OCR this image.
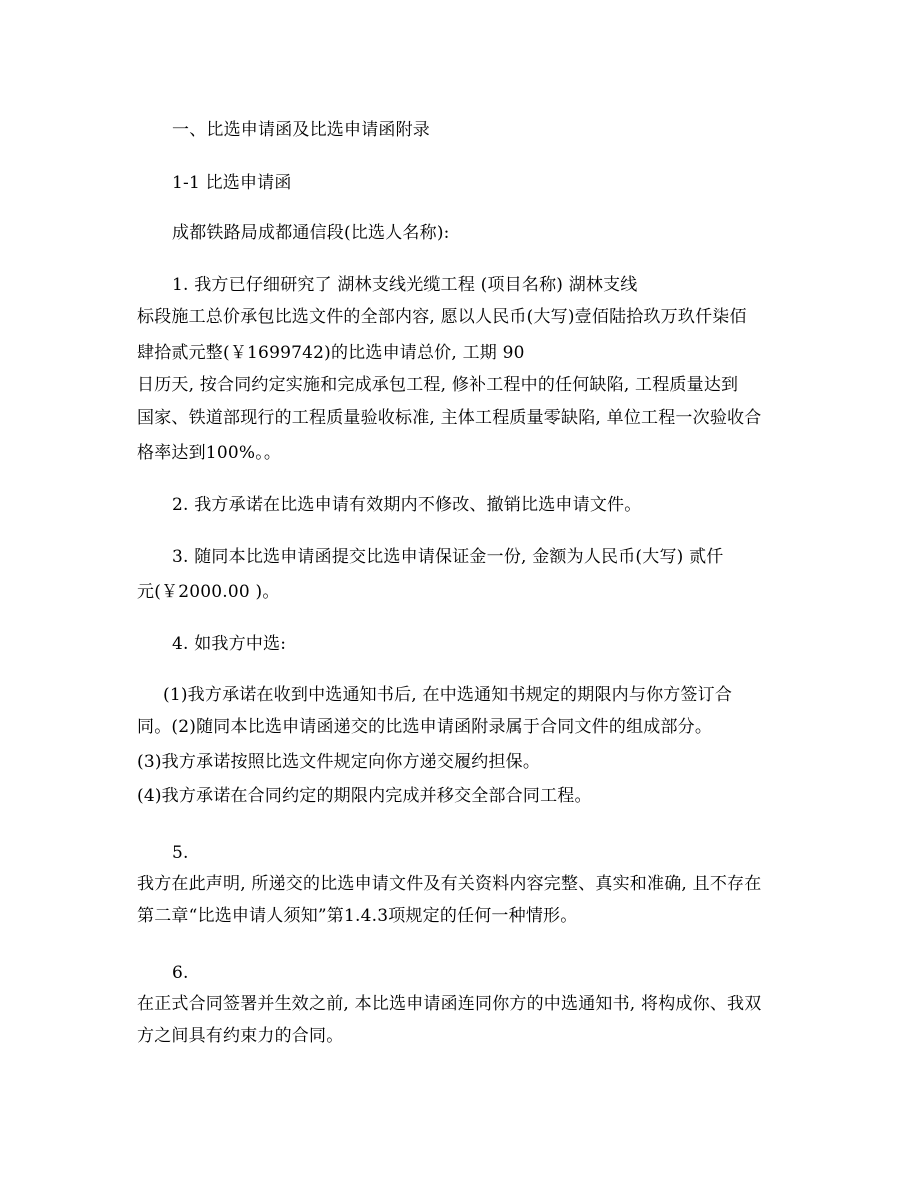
一、比选申请函及比选申请函附录
1-1 比选申请函
成都铁路局成都通信段(比选人名称):
1. 我方已仔细研究了 湖林支线光缆工程 (项目名称) 湖林支线
标段施工总价承包比选文件的全部内容, 愿以人民币(大写)壹佰陆拾玖万玖仟柒佰
肆拾贰元整(￥1699742)的比选申请总价, 工期 90
日历天, 按合同约定实施和完成承包工程, 修补工程中的任何缺陷, 工程质量达到
国家、铁道部现行的工程质量验收标准, 主体工程质量零缺陷, 单位工程一次验收合
格率达到100%。。
2. 我方承诺在比选申请有效期内不修改、撤销比选申请文件。
3. 随同本比选申请函提交比选申请保证金一份, 金额为人民币(大写) 贰仟
元(￥2000.00 )。
4. 如我方中选:
(1)我方承诺在收到中选通知书后, 在中选通知书规定的期限内与你方签订合
同。(2)随同本比选申请函递交的比选申请函附录属于合同文件的组成部分。
(3)我方承诺按照比选文件规定向你方递交履约担保。
(4)我方承诺在合同约定的期限内完成并移交全部合同工程。
5.
我方在此声明, 所递交的比选申请文件及有关资料内容完整、真实和准确, 且不存在
第二章“比选申请人须知”第1.4.3项规定的任何一种情形。
6.
在正式合同签署并生效之前, 本比选申请函连同你方的中选通知书, 将构成你、我双
方之间具有约束力的合同。
